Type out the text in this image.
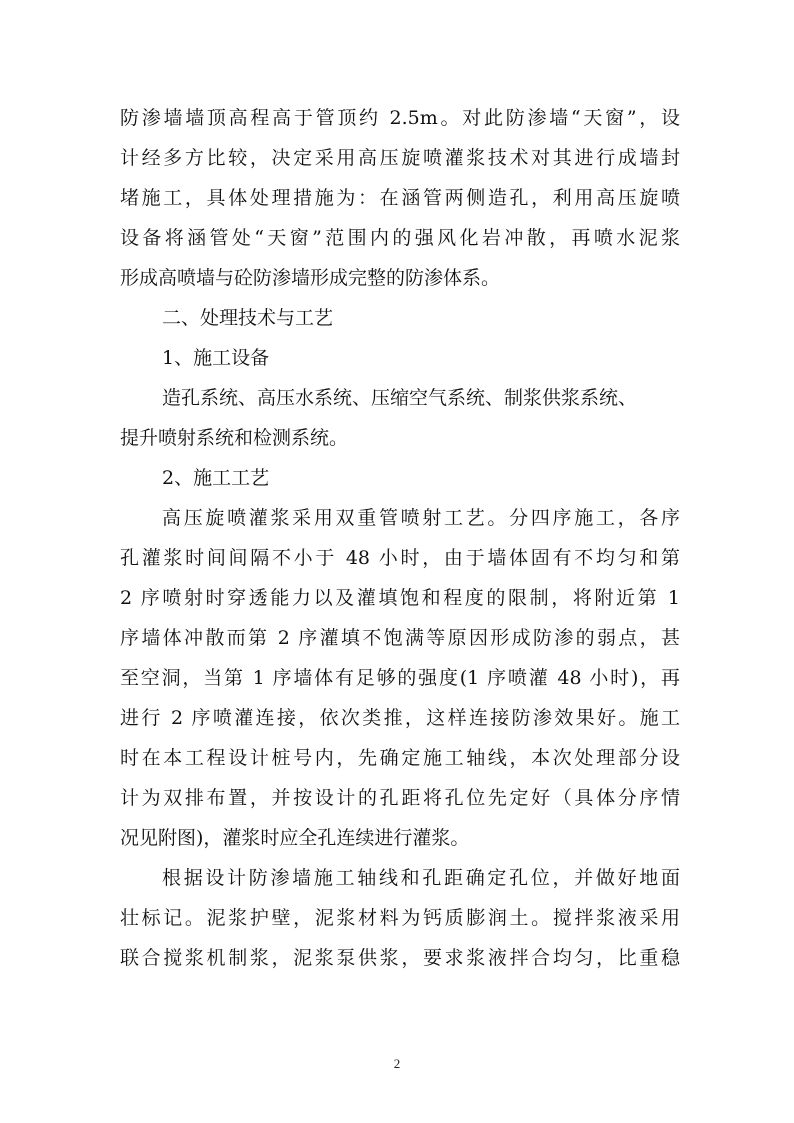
防渗墙墙顶高程高于管顶约 2.5m。对此防渗墙“天窗”，设
计经多方比较，决定采用高压旋喷灌浆技术对其进行成墙封
堵施工，具体处理措施为：在涵管两侧造孔，利用高压旋喷
设备将涵管处“天窗”范围内的强风化岩冲散，再喷水泥浆
形成高喷墙与砼防渗墙形成完整的防渗体系。
二、处理技术与工艺
1、施工设备
造孔系统、高压水系统、压缩空气系统、制浆供浆系统、
提升喷射系统和检测系统。
2、施工工艺
高压旋喷灌浆采用双重管喷射工艺。分四序施工，各序
孔灌浆时间间隔不小于 48 小时，由于墙体固有不均匀和第
2 序喷射时穿透能力以及灌填饱和程度的限制，将附近第 1
序墙体冲散而第 2 序灌填不饱满等原因形成防渗的弱点，甚
至空洞，当第 1 序墙体有足够的强度(1 序喷灌 48 小时)，再
进行 2 序喷灌连接，依次类推，这样连接防渗效果好。施工
时在本工程设计桩号内，先确定施工轴线，本次处理部分设
计为双排布置，并按设计的孔距将孔位先定好（具体分序情
况见附图)，灌浆时应全孔连续进行灌浆。
根据设计防渗墙施工轴线和孔距确定孔位，并做好地面
壮标记。泥浆护壁，泥浆材料为钙质膨润土。搅拌浆液采用
联合搅浆机制浆，泥浆泵供浆，要求浆液拌合均匀，比重稳
2
